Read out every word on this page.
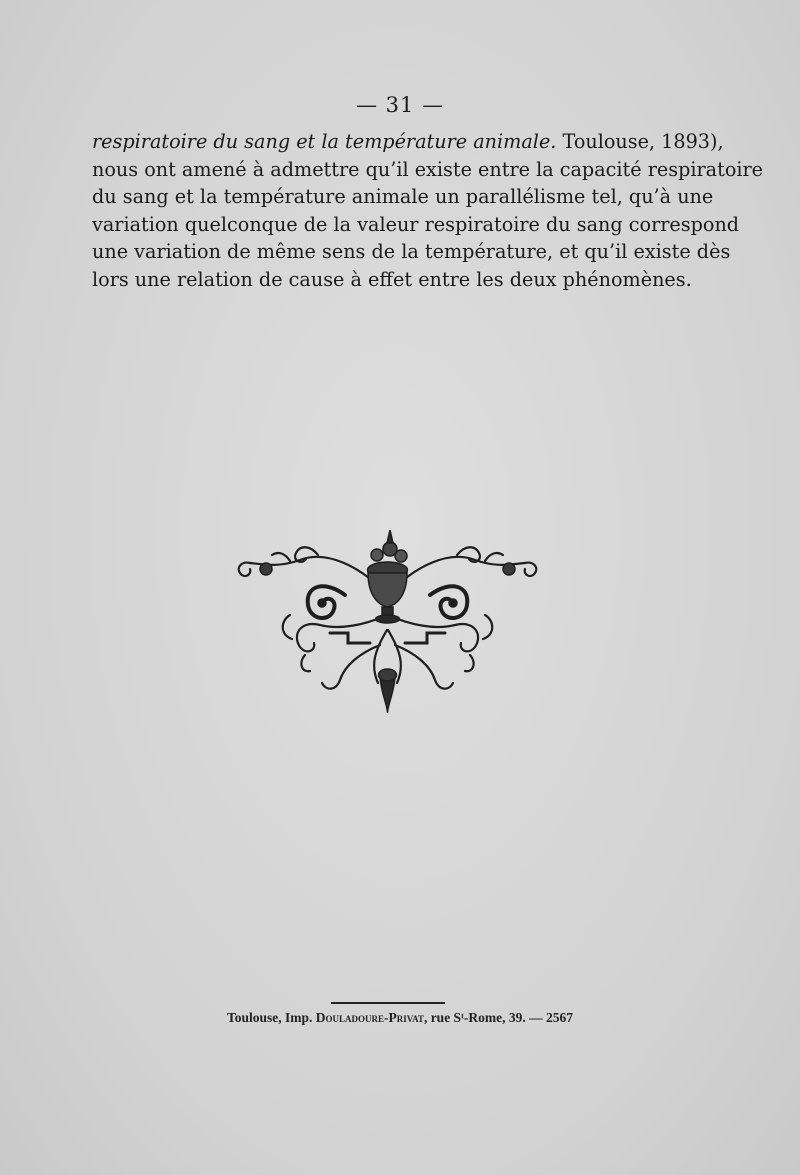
— 31 —
respiratoire du sang et la température animale. Toulouse, 1893),
nous ont amené à admettre qu’il existe entre la capacité respiratoire
du sang et la température animale un parallélisme tel, qu’à une
variation quelconque de la valeur respiratoire du sang correspond
une variation de même sens de la température, et qu’il existe dès
lors une relation de cause à effet entre les deux phénomènes.
Toulouse, Imp. Douladoure-Privat, rue Sᵗ-Rome, 39. — 2567
